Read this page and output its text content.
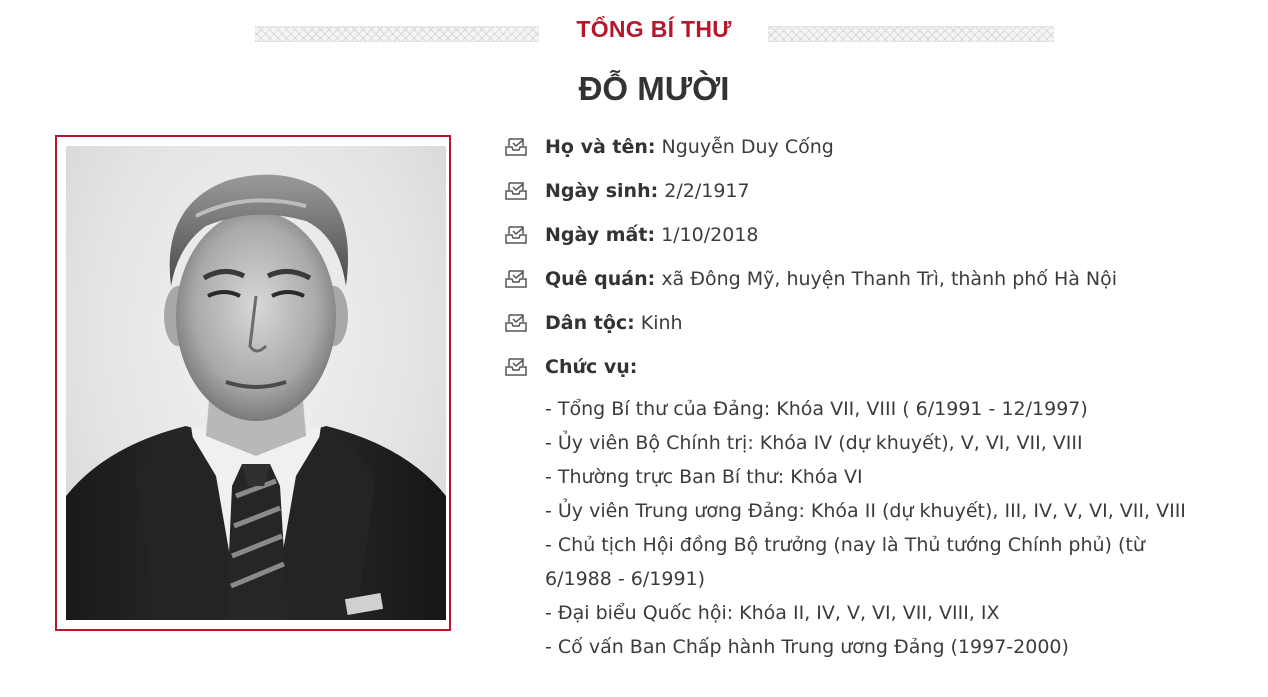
TỔNG BÍ THƯ
ĐỖ MƯỜI
Họ và tên: Nguyễn Duy Cống
Ngày sinh: 2/2/1917
Ngày mất: 1/10/2018
Quê quán: xã Đông Mỹ, huyện Thanh Trì, thành phố Hà Nội
Dân tộc: Kinh
Chức vụ:
- Tổng Bí thư của Đảng: Khóa VII, VIII ( 6/1991 - 12/1997)
- Ủy viên Bộ Chính trị: Khóa IV (dự khuyết), V, VI, VII, VIII
- Thường trực Ban Bí thư: Khóa VI
- Ủy viên Trung ương Đảng: Khóa II (dự khuyết), III, IV, V, VI, VII, VIII
- Chủ tịch Hội đồng Bộ trưởng (nay là Thủ tướng Chính phủ) (từ 6/1988 - 6/1991)
- Đại biểu Quốc hội: Khóa II, IV, V, VI, VII, VIII, IX
- Cố vấn Ban Chấp hành Trung ương Đảng (1997-2000)
